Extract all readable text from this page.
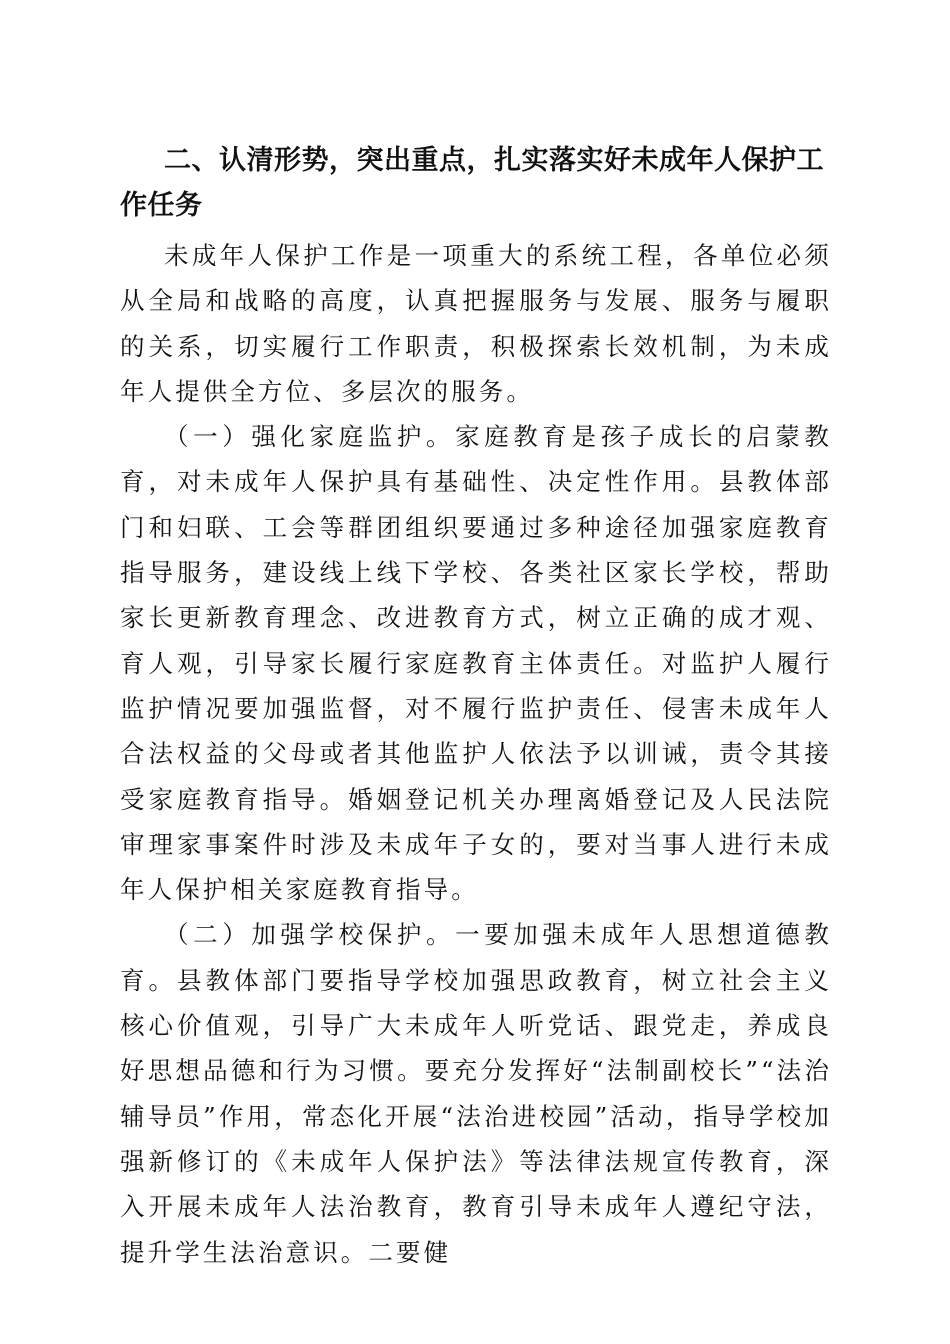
二、认清形势，突出重点，扎实落实好未成年人保护工作任务

未成年人保护工作是一项重大的系统工程，各单位必须从全局和战略的高度，认真把握服务与发展、服务与履职的关系，切实履行工作职责，积极探索长效机制，为未成年人提供全方位、多层次的服务。

（一）强化家庭监护。家庭教育是孩子成长的启蒙教育，对未成年人保护具有基础性、决定性作用。县教体部门和妇联、工会等群团组织要通过多种途径加强家庭教育指导服务，建设线上线下学校、各类社区家长学校，帮助家长更新教育理念、改进教育方式，树立正确的成才观、育人观，引导家长履行家庭教育主体责任。对监护人履行监护情况要加强监督，对不履行监护责任、侵害未成年人合法权益的父母或者其他监护人依法予以训诫，责令其接受家庭教育指导。婚姻登记机关办理离婚登记及人民法院审理家事案件时涉及未成年子女的，要对当事人进行未成年人保护相关家庭教育指导。

（二）加强学校保护。一要加强未成年人思想道德教育。县教体部门要指导学校加强思政教育，树立社会主义核心价值观，引导广大未成年人听党话、跟党走，养成良好思想品德和行为习惯。要充分发挥好“法制副校长”“法治辅导员”作用，常态化开展“法治进校园”活动，指导学校加强新修订的《未成年人保护法》等法律法规宣传教育，深入开展未成年人法治教育，教育引导未成年人遵纪守法，提升学生法治意识。二要健
